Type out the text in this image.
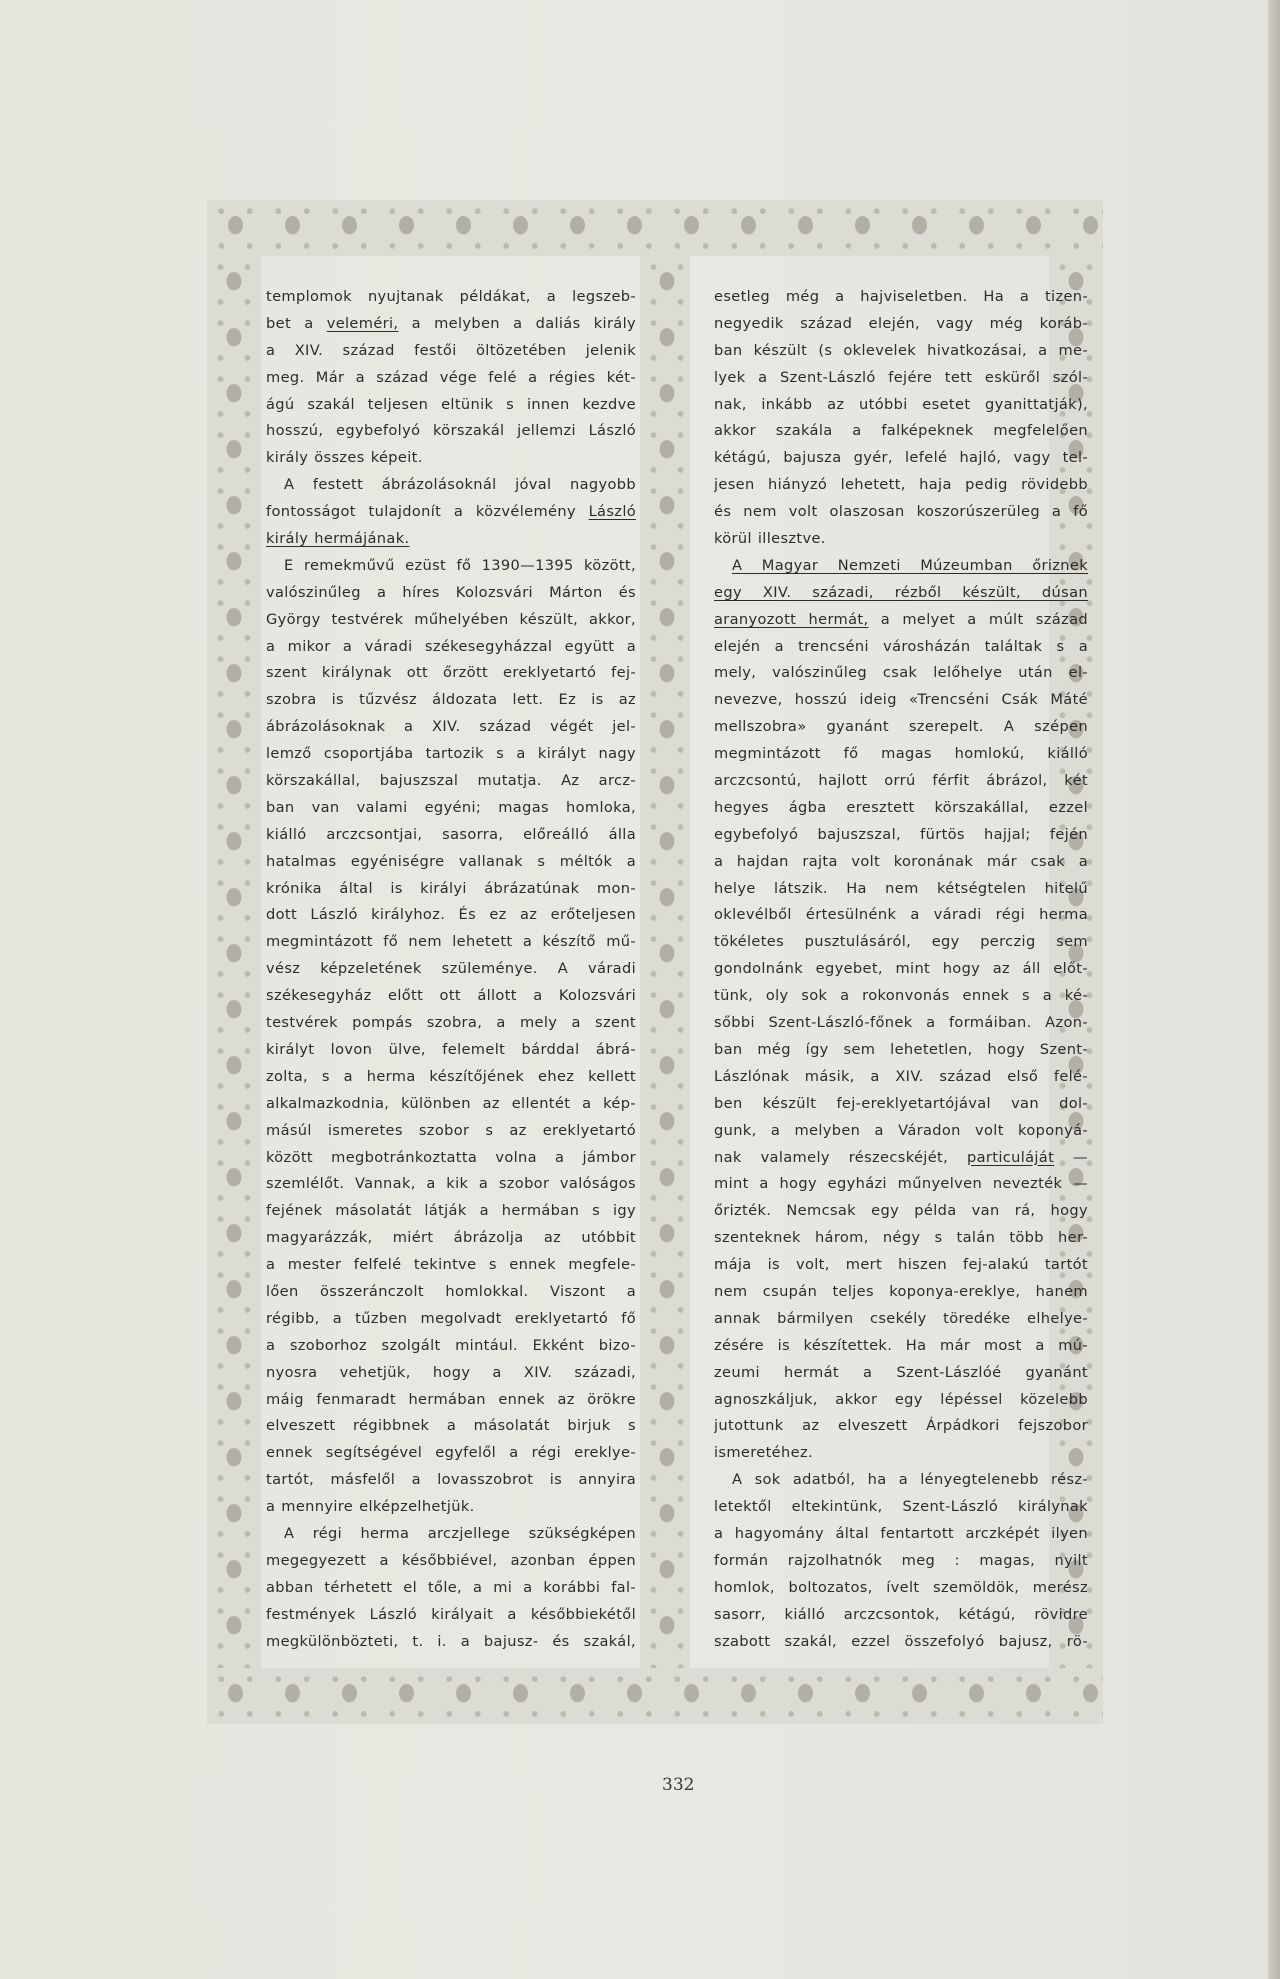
templomok nyujtanak példákat, a legszeb-
bet a veleméri, a melyben a daliás király
a XIV. század festői öltözetében jelenik
meg. Már a század vége felé a régies két-
ágú szakál teljesen eltünik s innen kezdve
hosszú, egybefolyó körszakál jellemzi László
király összes képeit.
A festett ábrázolásoknál jóval nagyobb
fontosságot tulajdonít a közvélemény László
király hermájának.
E remekművű ezüst fő 1390—1395 között,
valószinűleg a híres Kolozsvári Márton és
György testvérek műhelyében készült, akkor,
a mikor a váradi székesegyházzal együtt a
szent királynak ott őrzött ereklyetartó fej-
szobra is tűzvész áldozata lett. Ez is az
ábrázolásoknak a XIV. század végét jel-
lemző csoportjába tartozik s a királyt nagy
körszakállal, bajuszszal mutatja. Az arcz-
ban van valami egyéni; magas homloka,
kiálló arczcsontjai, sasorra, előreálló álla
hatalmas egyéniségre vallanak s méltók a
krónika által is királyi ábrázatúnak mon-
dott László királyhoz. És ez az erőteljesen
megmintázott fő nem lehetett a készítő mű-
vész képzeletének szüleménye. A váradi
székesegyház előtt ott állott a Kolozsvári
testvérek pompás szobra, a mely a szent
királyt lovon ülve, felemelt bárddal ábrá-
zolta, s a herma készítőjének ehez kellett
alkalmazkodnia, különben az ellentét a kép-
másúl ismeretes szobor s az ereklyetartó
között megbotránkoztatta volna a jámbor
szemlélőt. Vannak, a kik a szobor valóságos
fejének másolatát látják a hermában s igy
magyarázzák, miért ábrázolja az utóbbit
a mester felfelé tekintve s ennek megfele-
lően összeránczolt homlokkal. Viszont a
régibb, a tűzben megolvadt ereklyetartó fő
a szoborhoz szolgált mintául. Ekként bizo-
nyosra vehetjük, hogy a XIV. századi,
máig fenmaradt hermában ennek az örökre
elveszett régibbnek a másolatát birjuk s
ennek segítségével egyfelől a régi ereklye-
tartót, másfelől a lovasszobrot is annyira
a mennyire elképzelhetjük.
A régi herma arczjellege szükségképen
megegyezett a későbbiével, azonban éppen
abban térhetett el tőle, a mi a korábbi fal-
festmények László királyait a későbbiekétől
megkülönbözteti, t. i. a bajusz- és szakál,
esetleg még a hajviseletben. Ha a tizen-
negyedik század elején, vagy még koráb-
ban készült (s oklevelek hivatkozásai, a me-
lyek a Szent-László fejére tett esküről szól-
nak, inkább az utóbbi esetet gyanittatják),
akkor szakála a falképeknek megfelelően
kétágú, bajusza gyér, lefelé hajló, vagy tel-
jesen hiányzó lehetett, haja pedig rövidebb
és nem volt olaszosan koszorúszerüleg a fő
körül illesztve.
A Magyar Nemzeti Múzeumban őriznek
egy XIV. századi, rézből készült, dúsan
aranyozott hermát, a melyet a múlt század
elején a trencséni városházán találtak s a
mely, valószinűleg csak lelőhelye után el-
nevezve, hosszú ideig «Trencséni Csák Máté
mellszobra» gyanánt szerepelt. A szépen
megmintázott fő magas homlokú, kiálló
arczcsontú, hajlott orrú férfit ábrázol, két
hegyes ágba eresztett körszakállal, ezzel
egybefolyó bajuszszal, fürtös hajjal; fején
a hajdan rajta volt koronának már csak a
helye látszik. Ha nem kétségtelen hitelű
oklevélből értesülnénk a váradi régi herma
tökéletes pusztulásáról, egy perczig sem
gondolnánk egyebet, mint hogy az áll előt-
tünk, oly sok a rokonvonás ennek s a ké-
sőbbi Szent-László-főnek a formáiban. Azon-
ban még így sem lehetetlen, hogy Szent-
Lászlónak másik, a XIV. század első felé-
ben készült fej-ereklyetartójával van dol-
gunk, a melyben a Váradon volt koponyá-
nak valamely részecskéjét, particuláját —
mint a hogy egyházi műnyelven nevezték —
őrizték. Nemcsak egy példa van rá, hogy
szenteknek három, négy s talán több her-
mája is volt, mert hiszen fej-alakú tartót
nem csupán teljes koponya-ereklye, hanem
annak bármilyen csekély töredéke elhelye-
zésére is készítettek. Ha már most a mú-
zeumi hermát a Szent-Lászlóé gyanánt
agnoszkáljuk, akkor egy lépéssel közelebb
jutottunk az elveszett Árpádkori fejszobor
ismeretéhez.
A sok adatból, ha a lényegtelenebb rész-
letektől eltekintünk, Szent-László királynak
a hagyomány által fentartott arczképét ilyen
formán rajzolhatnók meg : magas, nyilt
homlok, boltozatos, ívelt szemöldök, merész
sasorr, kiálló arczcsontok, kétágú, rövidre
szabott szakál, ezzel összefolyó bajusz, rö-
332
